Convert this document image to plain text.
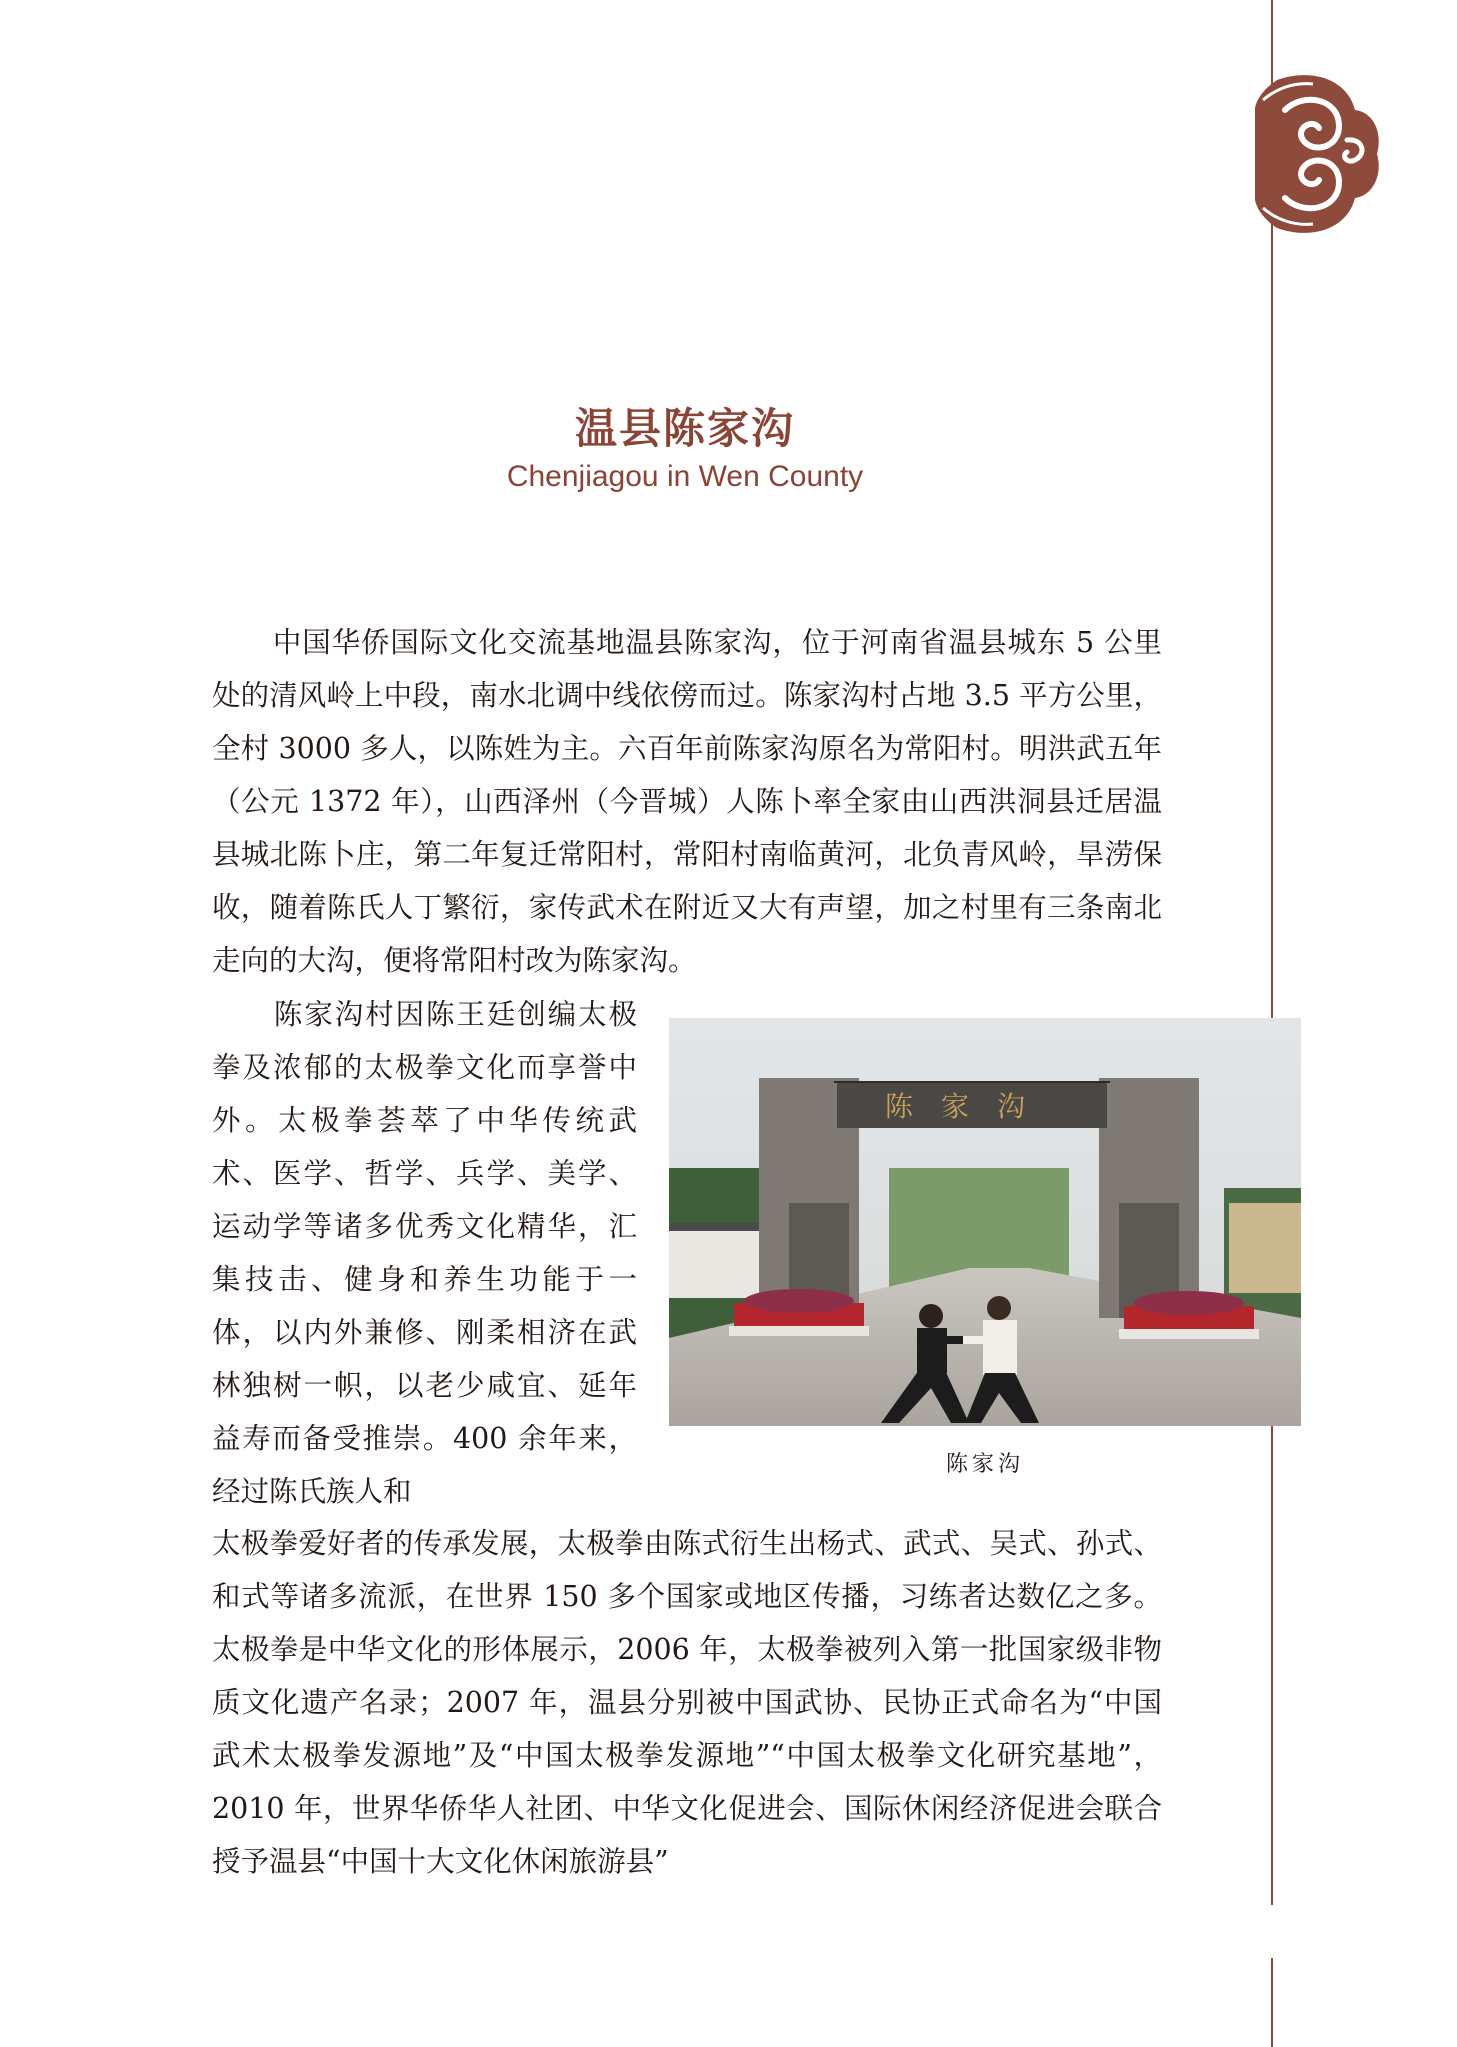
温县陈家沟

Chenjiagou in Wen County

中国华侨国际文化交流基地温县陈家沟，位于河南省温县城东 5 公里处的清风岭上中段，南水北调中线依傍而过。陈家沟村占地 3.5 平方公里，全村 3000 多人，以陈姓为主。六百年前陈家沟原名为常阳村。明洪武五年（公元 1372 年），山西泽州（今晋城）人陈卜率全家由山西洪洞县迁居温县城北陈卜庄，第二年复迁常阳村，常阳村南临黄河，北负青风岭，旱涝保收，随着陈氏人丁繁衍，家传武术在附近又大有声望，加之村里有三条南北走向的大沟，便将常阳村改为陈家沟。

陈家沟村因陈王廷创编太极拳及浓郁的太极拳文化而享誉中外。太极拳荟萃了中华传统武术、医学、哲学、兵学、美学、运动学等诸多优秀文化精华，汇集技击、健身和养生功能于一体，以内外兼修、刚柔相济在武林独树一帜，以老少咸宜、延年益寿而备受推崇。400 余年来，经过陈氏族人和

陈家沟
陈家沟

太极拳爱好者的传承发展，太极拳由陈式衍生出杨式、武式、吴式、孙式、和式等诸多流派，在世界 150 多个国家或地区传播，习练者达数亿之多。太极拳是中华文化的形体展示，2006 年，太极拳被列入第一批国家级非物质文化遗产名录；2007 年，温县分别被中国武协、民协正式命名为“中国武术太极拳发源地”及“中国太极拳发源地”“中国太极拳文化研究基地”，2010 年，世界华侨华人社团、中华文化促进会、国际休闲经济促进会联合授予温县“中国十大文化休闲旅游县”
